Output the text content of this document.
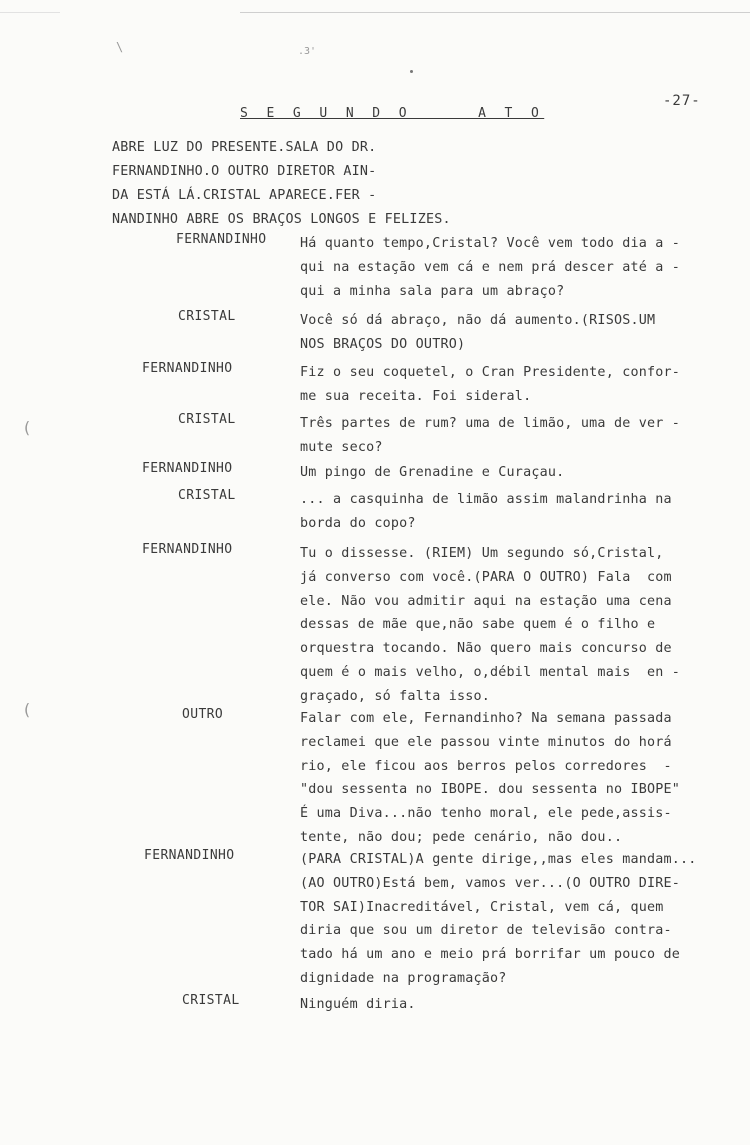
\	.3'
(
(
-27-
S E G U N D O     A T O
ABRE LUZ DO PRESENTE.SALA DO DR.
FERNANDINHO.O OUTRO DIRETOR AIN-
DA ESTÁ LÁ.CRISTAL APARECE.FER -
NANDINHO ABRE OS BRAÇOS LONGOS E FELIZES.
FERNANDINHO	Há quanto tempo,Cristal? Você vem todo dia a -
qui na estação vem cá e nem prá descer até a -
qui a minha sala para um abraço?
CRISTAL	Você só dá abraço, não dá aumento.(RISOS.UM
NOS BRAÇOS DO OUTRO)
FERNANDINHO	Fiz o seu coquetel, o Cran Presidente, confor-
me sua receita. Foi sideral.
CRISTAL	Três partes de rum? uma de limão, uma de ver -
mute seco?
FERNANDINHO	Um pingo de Grenadine e Curaçau.
CRISTAL	... a casquinha de limão assim malandrinha na
borda do copo?
FERNANDINHO	Tu o dissesse. (RIEM) Um segundo só,Cristal,
já converso com você.(PARA O OUTRO) Fala  com
ele. Não vou admitir aqui na estação uma cena
dessas de mãe que,não sabe quem é o filho e
orquestra tocando. Não quero mais concurso de
quem é o mais velho, o,débil mental mais  en -
graçado, só falta isso.
OUTRO	Falar com ele, Fernandinho? Na semana passada
reclamei que ele passou vinte minutos do horá
rio, ele ficou aos berros pelos corredores  -
"dou sessenta no IBOPE. dou sessenta no IBOPE"
É uma Diva...não tenho moral, ele pede,assis-
tente, não dou; pede cenário, não dou..
FERNANDINHO	(PARA CRISTAL)A gente dirige,,mas eles mandam...
(AO OUTRO)Está bem, vamos ver...(O OUTRO DIRE-
TOR SAI)Inacreditável, Cristal, vem cá, quem
diria que sou um diretor de televisão contra-
tado há um ano e meio prá borrifar um pouco de
dignidade na programação?
CRISTAL	Ninguém diria.
